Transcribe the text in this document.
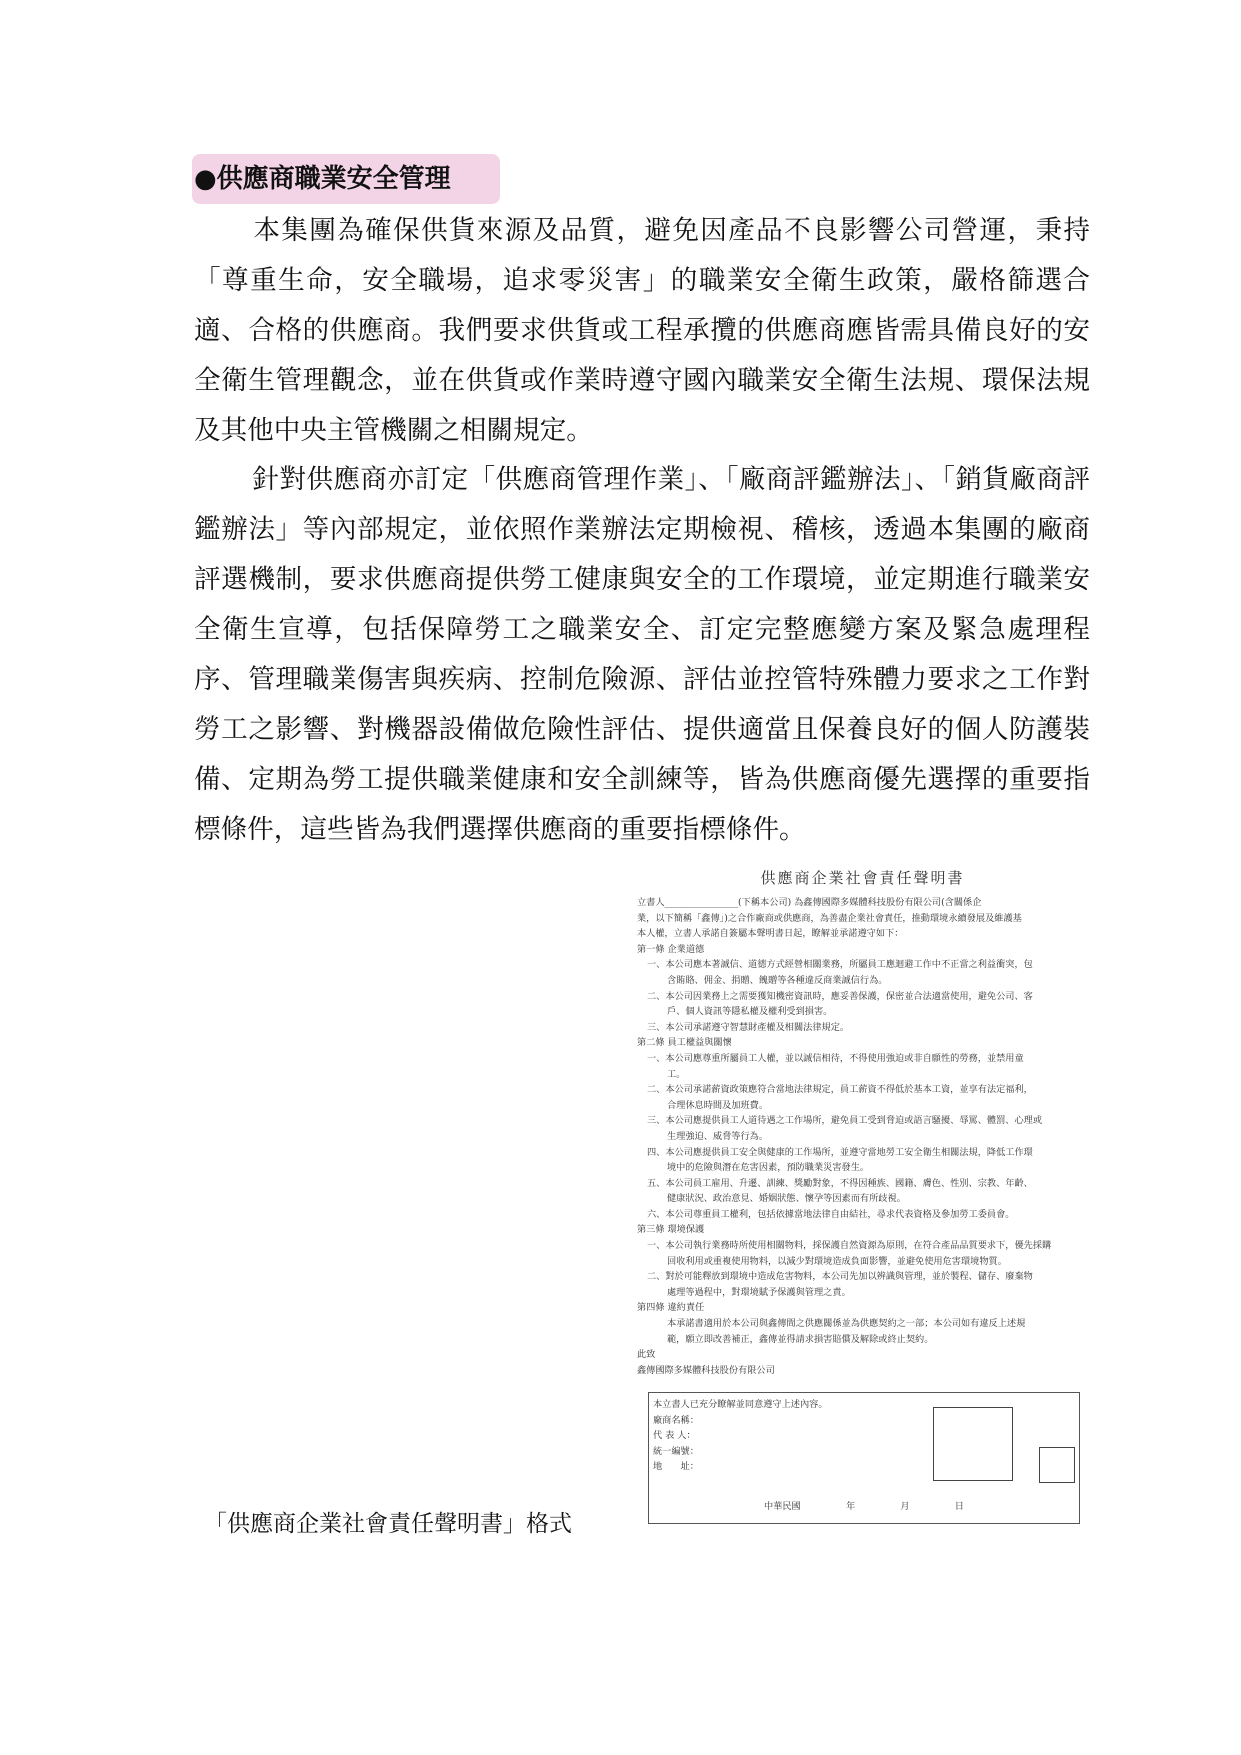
●供應商職業安全管理

本集團為確保供貨來源及品質，避免因產品不良影響公司營運，秉持「尊重生命，安全職場，追求零災害」的職業安全衛生政策，嚴格篩選合適、合格的供應商。我們要求供貨或工程承攬的供應商應皆需具備良好的安全衛生管理觀念，並在供貨或作業時遵守國內職業安全衛生法規、環保法規及其他中央主管機關之相關規定。

針對供應商亦訂定「供應商管理作業」、「廠商評鑑辦法」、「銷貨廠商評鑑辦法」等內部規定，並依照作業辦法定期檢視、稽核，透過本集團的廠商評選機制，要求供應商提供勞工健康與安全的工作環境，並定期進行職業安全衛生宣導，包括保障勞工之職業安全、訂定完整應變方案及緊急處理程序、管理職業傷害與疾病、控制危險源、評估並控管特殊體力要求之工作對勞工之影響、對機器設備做危險性評估、提供適當且保養良好的個人防護裝備、定期為勞工提供職業健康和安全訓練等，皆為供應商優先選擇的重要指標條件，這些皆為我們選擇供應商的重要指標條件。

供應商企業社會責任聲明書
立書人________________(下稱本公司) 為鑫傳國際多媒體科技股份有限公司(含關係企
業，以下簡稱「鑫傳」)之合作廠商或供應商，為善盡企業社會責任，推動環境永續發展及維護基
本人權，立書人承諾自簽屬本聲明書日起，瞭解並承諾遵守如下：
第一條 企業道德
一、本公司應本著誠信、道德方式經營相關業務，所屬員工應迴避工作中不正當之利益衝突，包
含賄賂、佣金、捐贈、餽贈等各種違反商業誠信行為。
二、本公司因業務上之需要獲知機密資訊時，應妥善保護，保密並合法適當使用，避免公司、客
戶、個人資訊等隱私權及權利受到損害。
三、本公司承諾遵守智慧財產權及相關法律規定。
第二條 員工權益與關懷
一、本公司應尊重所屬員工人權，並以誠信相待，不得使用強迫或非自願性的勞務，並禁用童
工。
二、本公司承諾薪資政策應符合當地法律規定，員工薪資不得低於基本工資，並享有法定福利，
合理休息時間及加班費。
三、本公司應提供員工人道待遇之工作場所，避免員工受到脅迫或語言騷擾、辱罵、體罰、心理或
生理強迫、威脅等行為。
四、本公司應提供員工安全與健康的工作場所，並遵守當地勞工安全衛生相關法規，降低工作環
境中的危險與潛在危害因素，預防職業災害發生。
五、本公司員工雇用、升遷、訓練、獎勵對象，不得因種族、國籍、膚色、性別、宗教、年齡、
健康狀況、政治意見、婚姻狀態、懷孕等因素而有所歧視。
六、本公司尊重員工權利，包括依據當地法律自由結社，尋求代表資格及參加勞工委員會。
第三條 環境保護
一、本公司執行業務時所使用相關物料，採保護自然資源為原則，在符合產品品質要求下，優先採購
回收利用或重複使用物料，以減少對環境造成負面影響，並避免使用危害環境物質。
二、對於可能釋放到環境中造成危害物料，本公司先加以辨識與管理，並於製程、儲存、廢棄物
處理等過程中，對環境賦予保護與管理之責。
第四條 違約責任
本承諾書適用於本公司與鑫傳間之供應關係並為供應契約之一部；本公司如有違反上述規
範，願立即改善補正，鑫傳並得請求損害賠償及解除或終止契約。
此致
鑫傳國際多媒體科技股份有限公司
本立書人已充分瞭解並同意遵守上述內容。
廠商名稱：
代 表 人：
統一編號：
地　　址：
中華民國	年	月	日
「供應商企業社會責任聲明書」格式
